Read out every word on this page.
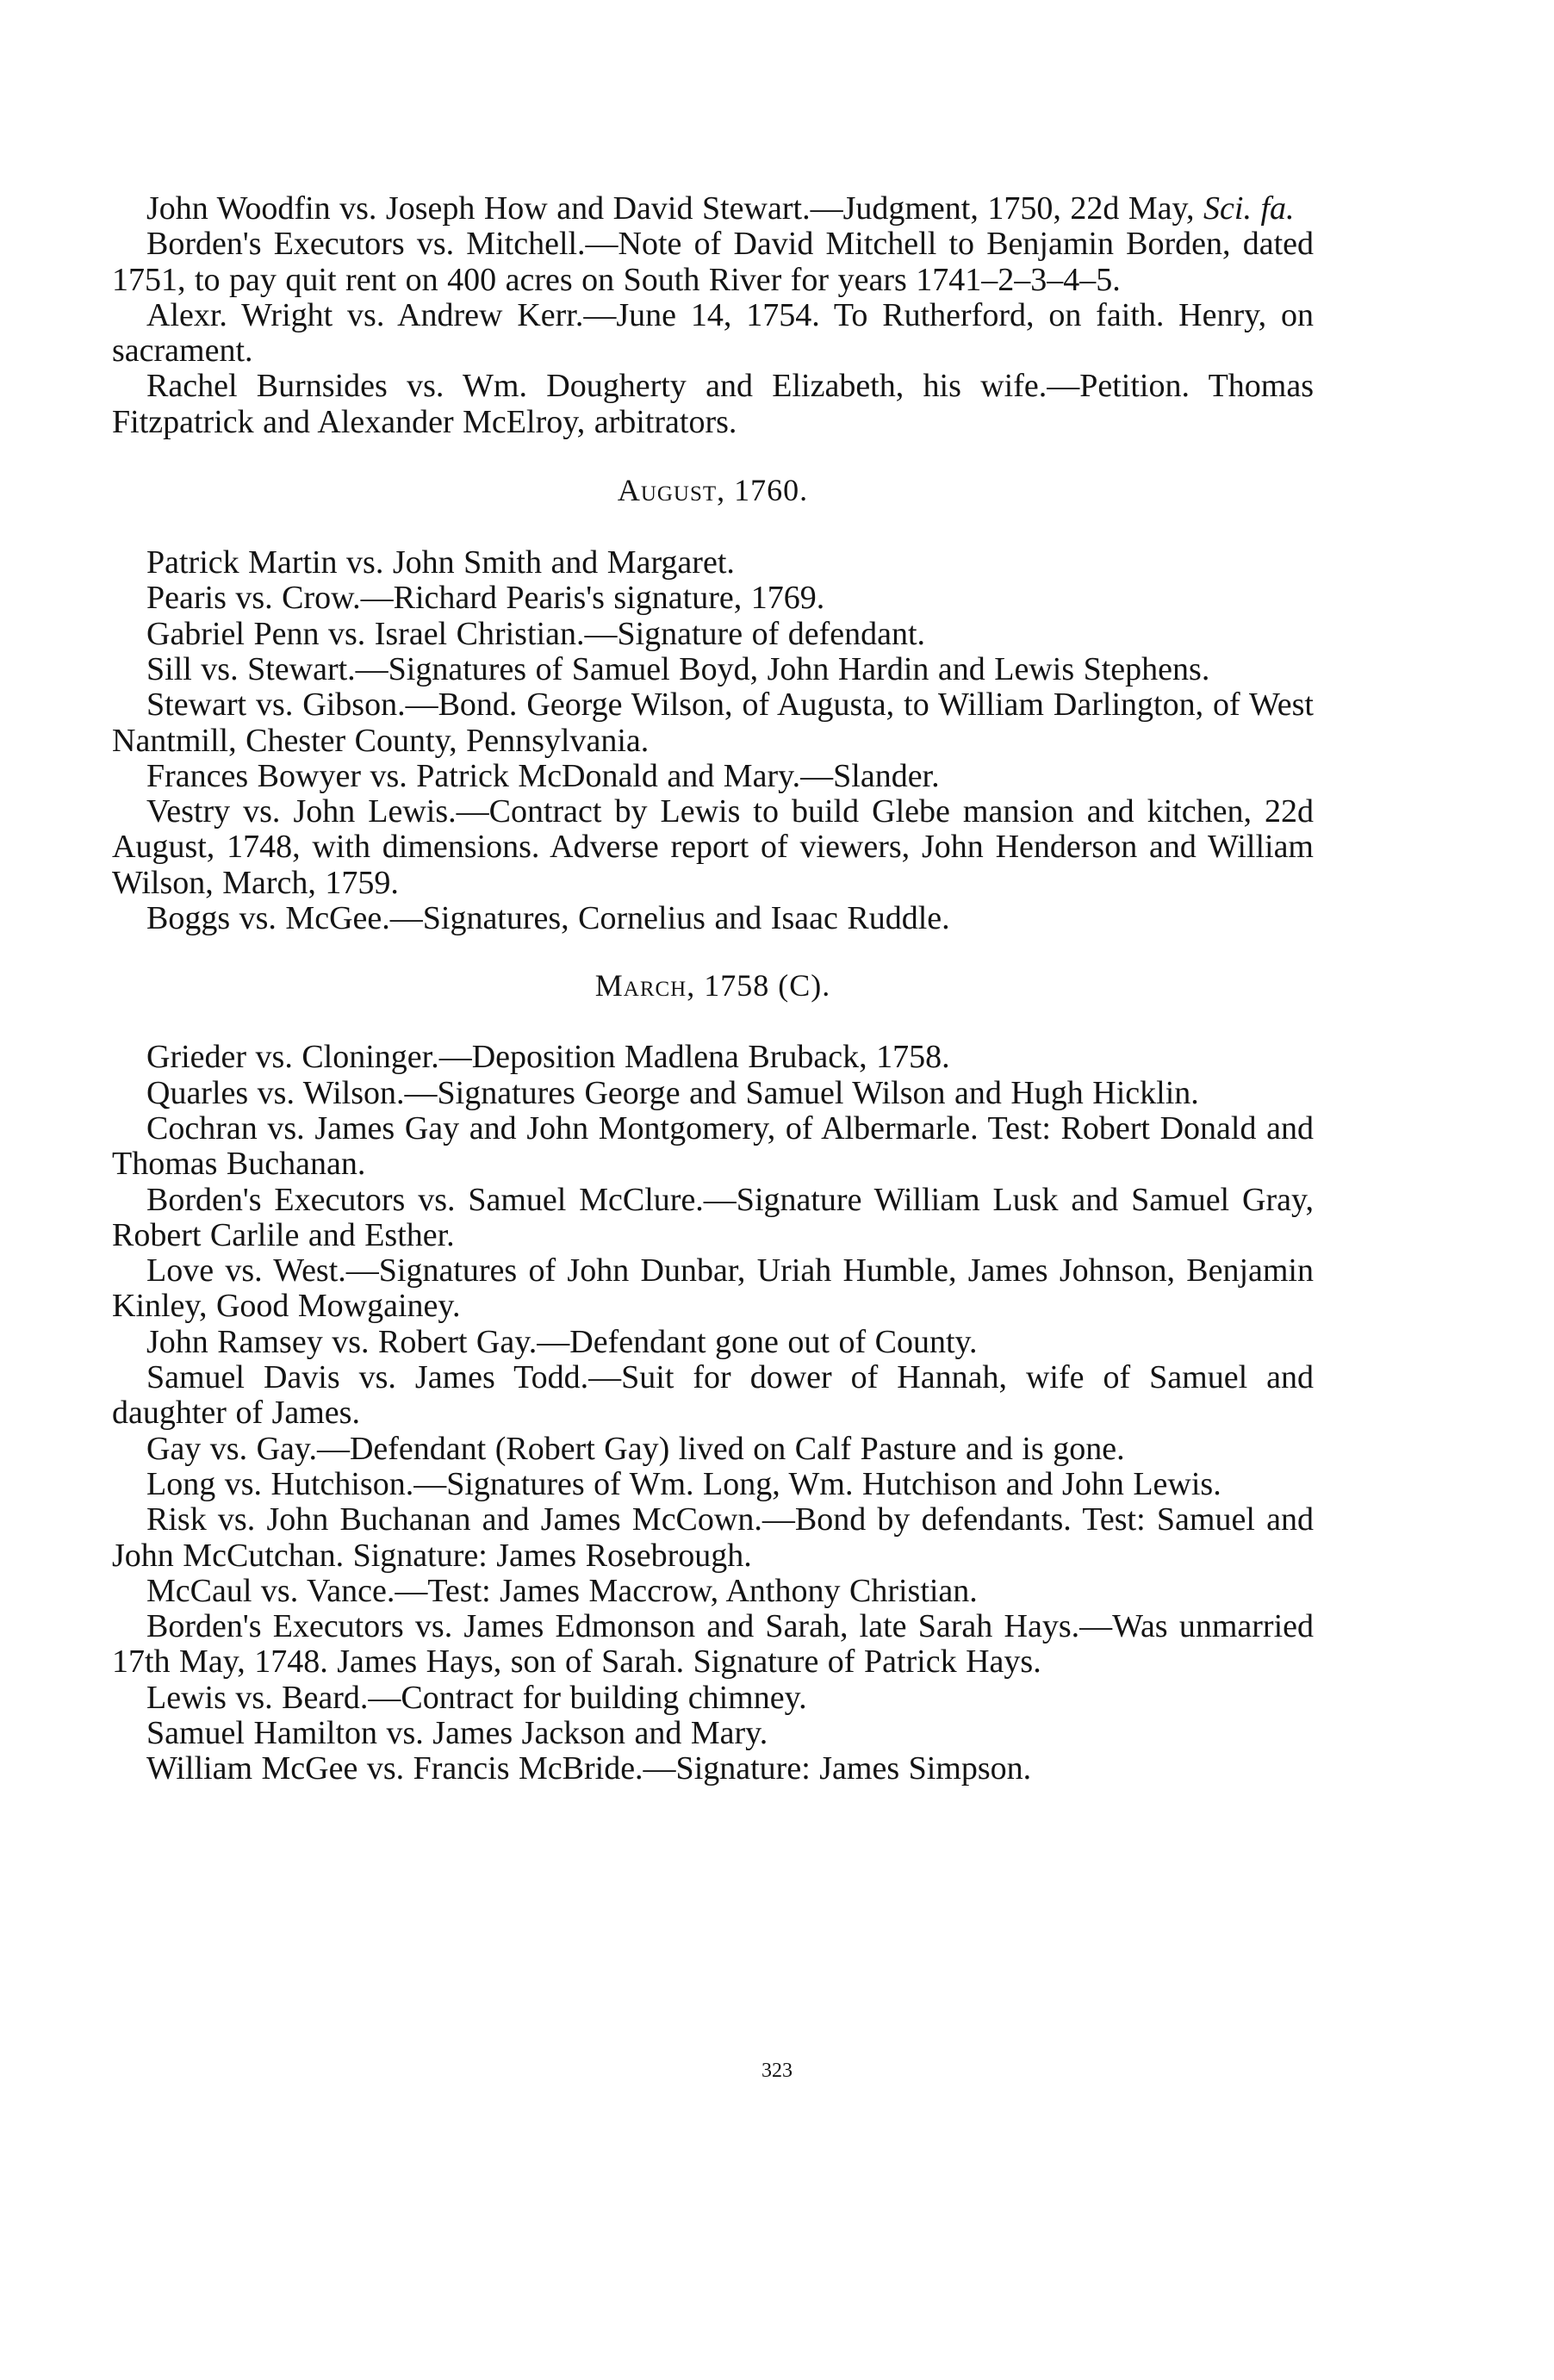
John Woodfin vs. Joseph How and David Stewart.—Judgment, 1750, 22d May, Sci. fa.

Borden's Executors vs. Mitchell.—Note of David Mitchell to Benjamin Borden, dated 1751, to pay quit rent on 400 acres on South River for years 1741–2–3–4–5.

Alexr. Wright vs. Andrew Kerr.—June 14, 1754. To Rutherford, on faith. Henry, on sacrament.

Rachel Burnsides vs. Wm. Dougherty and Elizabeth, his wife.—Petition. Thomas Fitzpatrick and Alexander McElroy, arbitrators.

August, 1760.

Patrick Martin vs. John Smith and Margaret.

Pearis vs. Crow.—Richard Pearis's signature, 1769.

Gabriel Penn vs. Israel Christian.—Signature of defendant.

Sill vs. Stewart.—Signatures of Samuel Boyd, John Hardin and Lewis Stephens.

Stewart vs. Gibson.—Bond. George Wilson, of Augusta, to William Darlington, of West Nantmill, Chester County, Pennsylvania.

Frances Bowyer vs. Patrick McDonald and Mary.—Slander.

Vestry vs. John Lewis.—Contract by Lewis to build Glebe mansion and kitchen, 22d August, 1748, with dimensions. Adverse report of viewers, John Henderson and William Wilson, March, 1759.

Boggs vs. McGee.—Signatures, Cornelius and Isaac Ruddle.

March, 1758 (C).

Grieder vs. Cloninger.—Deposition Madlena Bruback, 1758.

Quarles vs. Wilson.—Signatures George and Samuel Wilson and Hugh Hicklin.

Cochran vs. James Gay and John Montgomery, of Albermarle. Test: Robert Donald and Thomas Buchanan.

Borden's Executors vs. Samuel McClure.—Signature William Lusk and Samuel Gray, Robert Carlile and Esther.

Love vs. West.—Signatures of John Dunbar, Uriah Humble, James Johnson, Benjamin Kinley, Good Mowgainey.

John Ramsey vs. Robert Gay.—Defendant gone out of County.

Samuel Davis vs. James Todd.—Suit for dower of Hannah, wife of Samuel and daughter of James.

Gay vs. Gay.—Defendant (Robert Gay) lived on Calf Pasture and is gone.

Long vs. Hutchison.—Signatures of Wm. Long, Wm. Hutchison and John Lewis.

Risk vs. John Buchanan and James McCown.—Bond by defendants. Test: Samuel and John McCutchan. Signature: James Rosebrough.

McCaul vs. Vance.—Test: James Maccrow, Anthony Christian.

Borden's Executors vs. James Edmonson and Sarah, late Sarah Hays.—Was unmarried 17th May, 1748. James Hays, son of Sarah. Signature of Patrick Hays.

Lewis vs. Beard.—Contract for building chimney.

Samuel Hamilton vs. James Jackson and Mary.

William McGee vs. Francis McBride.—Signature: James Simpson.

323
